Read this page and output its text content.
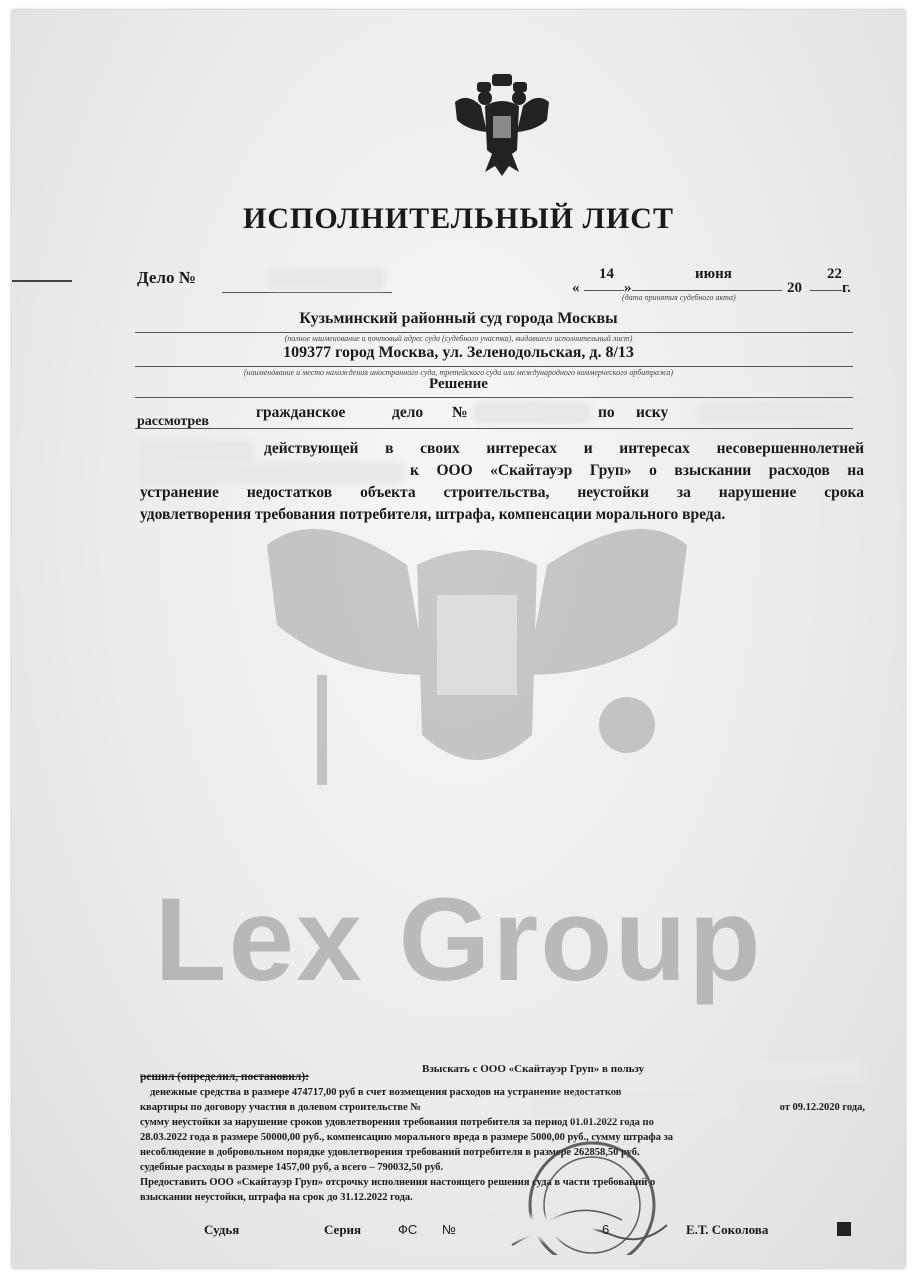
ИСПОЛНИТЕЛЬНЫЙ ЛИСТ
Дело №
«
14
»
июня
20
22
г.
(дата принятия судебного акта)
Кузьминский районный суд города Москвы
(полное наименование и почтовый адрес суда (судебного участка), выдавшего исполнительный лист)
109377 город Москва, ул. Зеленодольская, д. 8/13
(наименование и место нахождения иностранного суда, третейского суда или международного коммерческого арбитража)
Решение
рассмотрев
гражданское	дело №	по иску
действующей в своих интересах и интересах несовершеннолетней
к ООО «Скайтауэр Груп» о взыскании расходов на
устранение недостатков объекта строительства, неустойки за нарушение срока
удовлетворения требования потребителя, штрафа, компенсации морального вреда.
Lex Group
решил (определил, постановил):
Взыскать с ООО «Скайтауэр Груп» в пользу
денежные средства в размере 474717,00 руб в счет возмещения расходов на устранение недостатков
квартиры по договору участия в долевом строительстве №	от 09.12.2020 года,
сумму неустойки за нарушение сроков удовлетворения требования потребителя за период 01.01.2022 года по
28.03.2022 года в размере 50000,00 руб., компенсацию морального вреда в размере 5000,00 руб., сумму штрафа за
несоблюдение в добровольном порядке удовлетворения требований потребителя в размере 262858,50 руб.
судебные расходы в размере 1457,00 руб, а всего – 790032,50 руб.
Предоставить ООО «Скайтауэр Груп» отсрочку исполнения настоящего решения суда в части требований о
взыскании неустойки, штрафа на срок до 31.12.2022 года.
Судья	Серия	ФС №	6	Е.Т. Соколова
